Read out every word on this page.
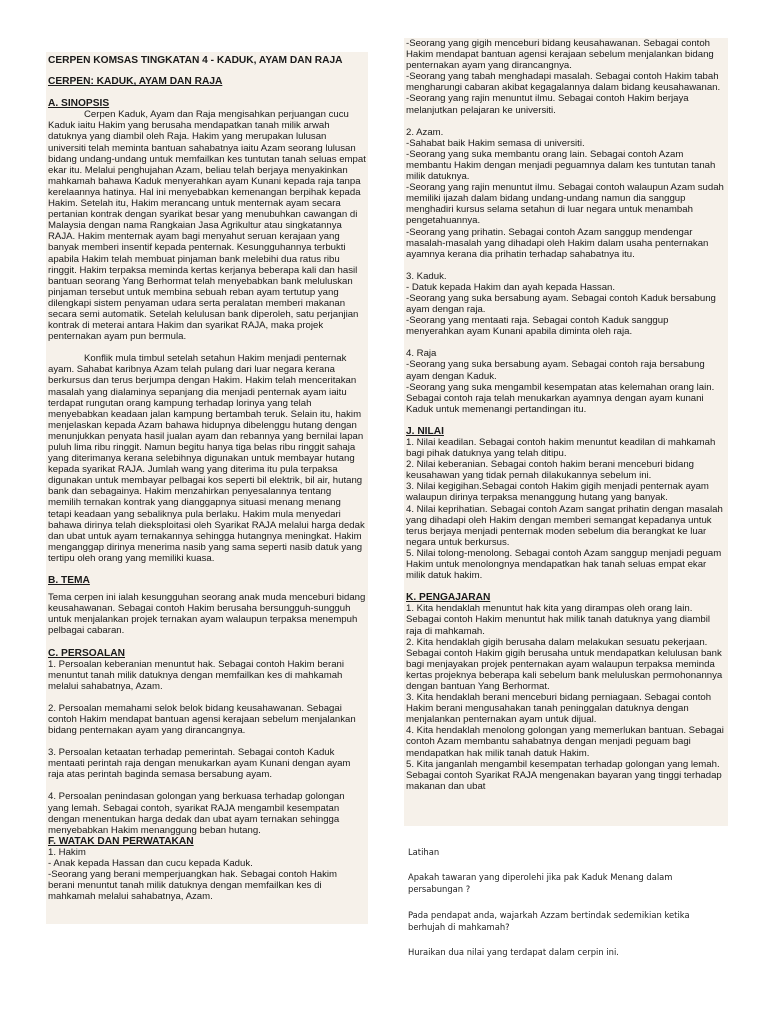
CERPEN KOMSAS TINGKATAN 4 - KADUK, AYAM DAN RAJA

CERPEN: KADUK, AYAM DAN RAJA

A. SINOPSIS

Cerpen Kaduk, Ayam dan Raja mengisahkan perjuangan cucu Kaduk iaitu Hakim yang berusaha mendapatkan tanah milik arwah datuknya yang diambil oleh Raja. Hakim yang merupakan lulusan universiti telah meminta bantuan sahabatnya iaitu Azam seorang lulusan bidang undang-undang untuk memfailkan kes tuntutan tanah seluas empat ekar itu. Melalui penghujahan Azam, beliau telah berjaya menyakinkan mahkamah bahawa Kaduk menyerahkan ayam Kunani kepada raja tanpa kerelaannya hatinya. Hal ini menyebabkan kemenangan berpihak kepada Hakim. Setelah itu, Hakim merancang untuk menternak ayam secara pertanian kontrak dengan syarikat besar yang menubuhkan cawangan di Malaysia dengan nama Rangkaian Jasa Agrikultur atau singkatannya RAJA. Hakim menternak ayam bagi menyahut seruan kerajaan yang banyak memberi insentif kepada penternak. Kesungguhannya terbukti apabila Hakim telah membuat pinjaman bank melebihi dua ratus ribu ringgit. Hakim terpaksa meminda kertas kerjanya beberapa kali dan hasil bantuan seorang Yang Berhormat telah menyebabkan bank meluluskan pinjaman tersebut untuk membina sebuah reban ayam tertutup yang dilengkapi sistem penyaman udara serta peralatan memberi makanan secara semi automatik. Setelah kelulusan bank diperoleh, satu perjanjian kontrak di meterai antara Hakim dan syarikat RAJA, maka projek penternakan ayam pun bermula.

Konflik mula timbul setelah setahun Hakim menjadi penternak ayam. Sahabat karibnya Azam telah pulang dari luar negara kerana berkursus dan terus berjumpa dengan Hakim. Hakim telah menceritakan masalah yang dialaminya sepanjang dia menjadi penternak ayam iaitu terdapat rungutan orang kampung terhadap lorinya yang telah menyebabkan keadaan jalan kampung bertambah teruk. Selain itu, hakim menjelaskan kepada Azam bahawa hidupnya dibelenggu hutang dengan menunjukkan penyata hasil jualan ayam dan rebannya yang bernilai lapan puluh lima ribu ringgit. Namun begitu hanya tiga belas ribu ringgit sahaja yang diterimanya kerana selebihnya digunakan untuk membayar hutang kepada syarikat RAJA. Jumlah wang yang diterima itu pula terpaksa digunakan untuk membayar pelbagai kos seperti bil elektrik, bil air, hutang bank dan sebagainya. Hakim menzahirkan penyesalannya tentang memilih ternakan kontrak yang dianggapnya situasi menang menang tetapi keadaan yang sebaliknya pula berlaku. Hakim mula menyedari bahawa dirinya telah dieksploitasi oleh Syarikat RAJA melalui harga dedak dan ubat untuk ayam ternakannya sehingga hutangnya meningkat. Hakim menganggap dirinya menerima nasib yang sama seperti nasib datuk yang tertipu oleh orang yang memiliki kuasa.

B. TEMA

Tema cerpen ini ialah kesungguhan seorang anak muda menceburi bidang keusahawanan. Sebagai contoh Hakim berusaha bersungguh-sungguh untuk menjalankan projek ternakan ayam walaupun terpaksa menempuh pelbagai cabaran.

C. PERSOALAN

1. Persoalan keberanian menuntut hak. Sebagai contoh Hakim berani menuntut tanah milik datuknya dengan memfailkan kes di mahkamah melalui sahabatnya, Azam.

2. Persoalan memahami selok belok bidang keusahawanan. Sebagai contoh Hakim mendapat bantuan agensi kerajaan sebelum menjalankan bidang penternakan ayam yang dirancangnya.

3. Persoalan ketaatan terhadap pemerintah. Sebagai contoh Kaduk mentaati perintah raja dengan menukarkan ayam Kunani dengan ayam raja atas perintah baginda semasa bersabung ayam.

4. Persoalan penindasan golongan yang berkuasa terhadap golongan yang lemah. Sebagai contoh, syarikat RAJA mengambil kesempatan dengan menentukan harga dedak dan ubat ayam ternakan sehingga menyebabkan Hakim menanggung beban hutang.

F. WATAK DAN PERWATAKAN

1. Hakim

- Anak kepada Hassan dan cucu kepada Kaduk.

-Seorang yang berani memperjuangkan hak. Sebagai contoh Hakim berani menuntut tanah milik datuknya dengan memfailkan kes di mahkamah melalui sahabatnya, Azam.

-Seorang yang gigih menceburi bidang keusahawanan. Sebagai contoh Hakim mendapat bantuan agensi kerajaan sebelum menjalankan bidang penternakan ayam yang dirancangnya.

-Seorang yang tabah menghadapi masalah. Sebagai contoh Hakim tabah mengharungi cabaran akibat kegagalannya dalam bidang keusahawanan.

-Seorang yang rajin menuntut ilmu. Sebagai contoh Hakim berjaya melanjutkan pelajaran ke universiti.

2. Azam.

-Sahabat baik Hakim semasa di universiti.

-Seorang yang suka membantu orang lain. Sebagai contoh Azam membantu Hakim dengan menjadi peguamnya dalam kes tuntutan tanah milik datuknya.

-Seorang yang rajin menuntut ilmu. Sebagai contoh walaupun Azam sudah memiliki ijazah dalam bidang undang-undang namun dia sanggup menghadiri kursus selama setahun di luar negara untuk menambah pengetahuannya.

-Seorang yang prihatin. Sebagai contoh Azam sanggup mendengar masalah-masalah yang dihadapi oleh Hakim dalam usaha penternakan ayamnya kerana dia prihatin terhadap sahabatnya itu.

3. Kaduk.

- Datuk kepada Hakim dan ayah kepada Hassan.

-Seorang yang suka bersabung ayam. Sebagai contoh Kaduk bersabung ayam dengan raja.

-Seorang yang mentaati raja. Sebagai contoh Kaduk sanggup menyerahkan ayam Kunani apabila diminta oleh raja.

4. Raja

-Seorang yang suka bersabung ayam. Sebagai contoh raja bersabung ayam dengan Kaduk.

-Seorang yang suka mengambil kesempatan atas kelemahan orang lain. Sebagai contoh raja telah menukarkan ayamnya dengan ayam kunani Kaduk untuk memenangi pertandingan itu.

J. NILAI

1. Nilai keadilan. Sebagai contoh hakim menuntut keadilan di mahkamah bagi pihak datuknya yang telah ditipu.

2. Nilai keberanian. Sebagai contoh hakim berani menceburi bidang keusahawan yang tidak pernah dilakukannya sebelum ini.

3. Nilai kegigihan.Sebagai contoh Hakim gigih menjadi penternak ayam walaupun dirinya terpaksa menanggung hutang yang banyak.

4. Nilai keprihatian. Sebagai contoh Azam sangat prihatin dengan masalah yang dihadapi oleh Hakim dengan memberi semangat kepadanya untuk terus berjaya menjadi penternak moden sebelum dia berangkat ke luar negara untuk berkursus.

5. Nilai tolong-menolong. Sebagai contoh Azam sanggup menjadi peguam Hakim untuk menolongnya mendapatkan hak tanah seluas empat ekar milik datuk hakim.

K. PENGAJARAN

1. Kita hendaklah menuntut hak kita yang dirampas oleh orang lain. Sebagai contoh Hakim menuntut hak milik tanah datuknya yang diambil raja di mahkamah.

2. Kita hendaklah gigih berusaha dalam melakukan sesuatu pekerjaan. Sebagai contoh Hakim gigih berusaha untuk mendapatkan kelulusan bank bagi menjayakan projek penternakan ayam walaupun terpaksa meminda kertas projeknya beberapa kali sebelum bank meluluskan permohonannya dengan bantuan Yang Berhormat.

3. Kita hendaklah berani menceburi bidang perniagaan. Sebagai contoh Hakim berani mengusahakan tanah peninggalan datuknya dengan menjalankan penternakan ayam untuk dijual.

4. Kita hendaklah menolong golongan yang memerlukan bantuan. Sebagai contoh Azam membantu sahabatnya dengan menjadi peguam bagi mendapatkan hak milik tanah datuk Hakim.

5. Kita janganlah mengambil kesempatan terhadap golongan yang lemah. Sebagai contoh Syarikat RAJA mengenakan bayaran yang tinggi terhadap makanan dan ubat

Latihan

Apakah tawaran yang diperolehi jika pak Kaduk Menang dalam persabungan ?

Pada pendapat anda, wajarkah Azzam bertindak sedemikian ketika berhujah di mahkamah?

Huraikan dua nilai yang terdapat dalam cerpin ini.
